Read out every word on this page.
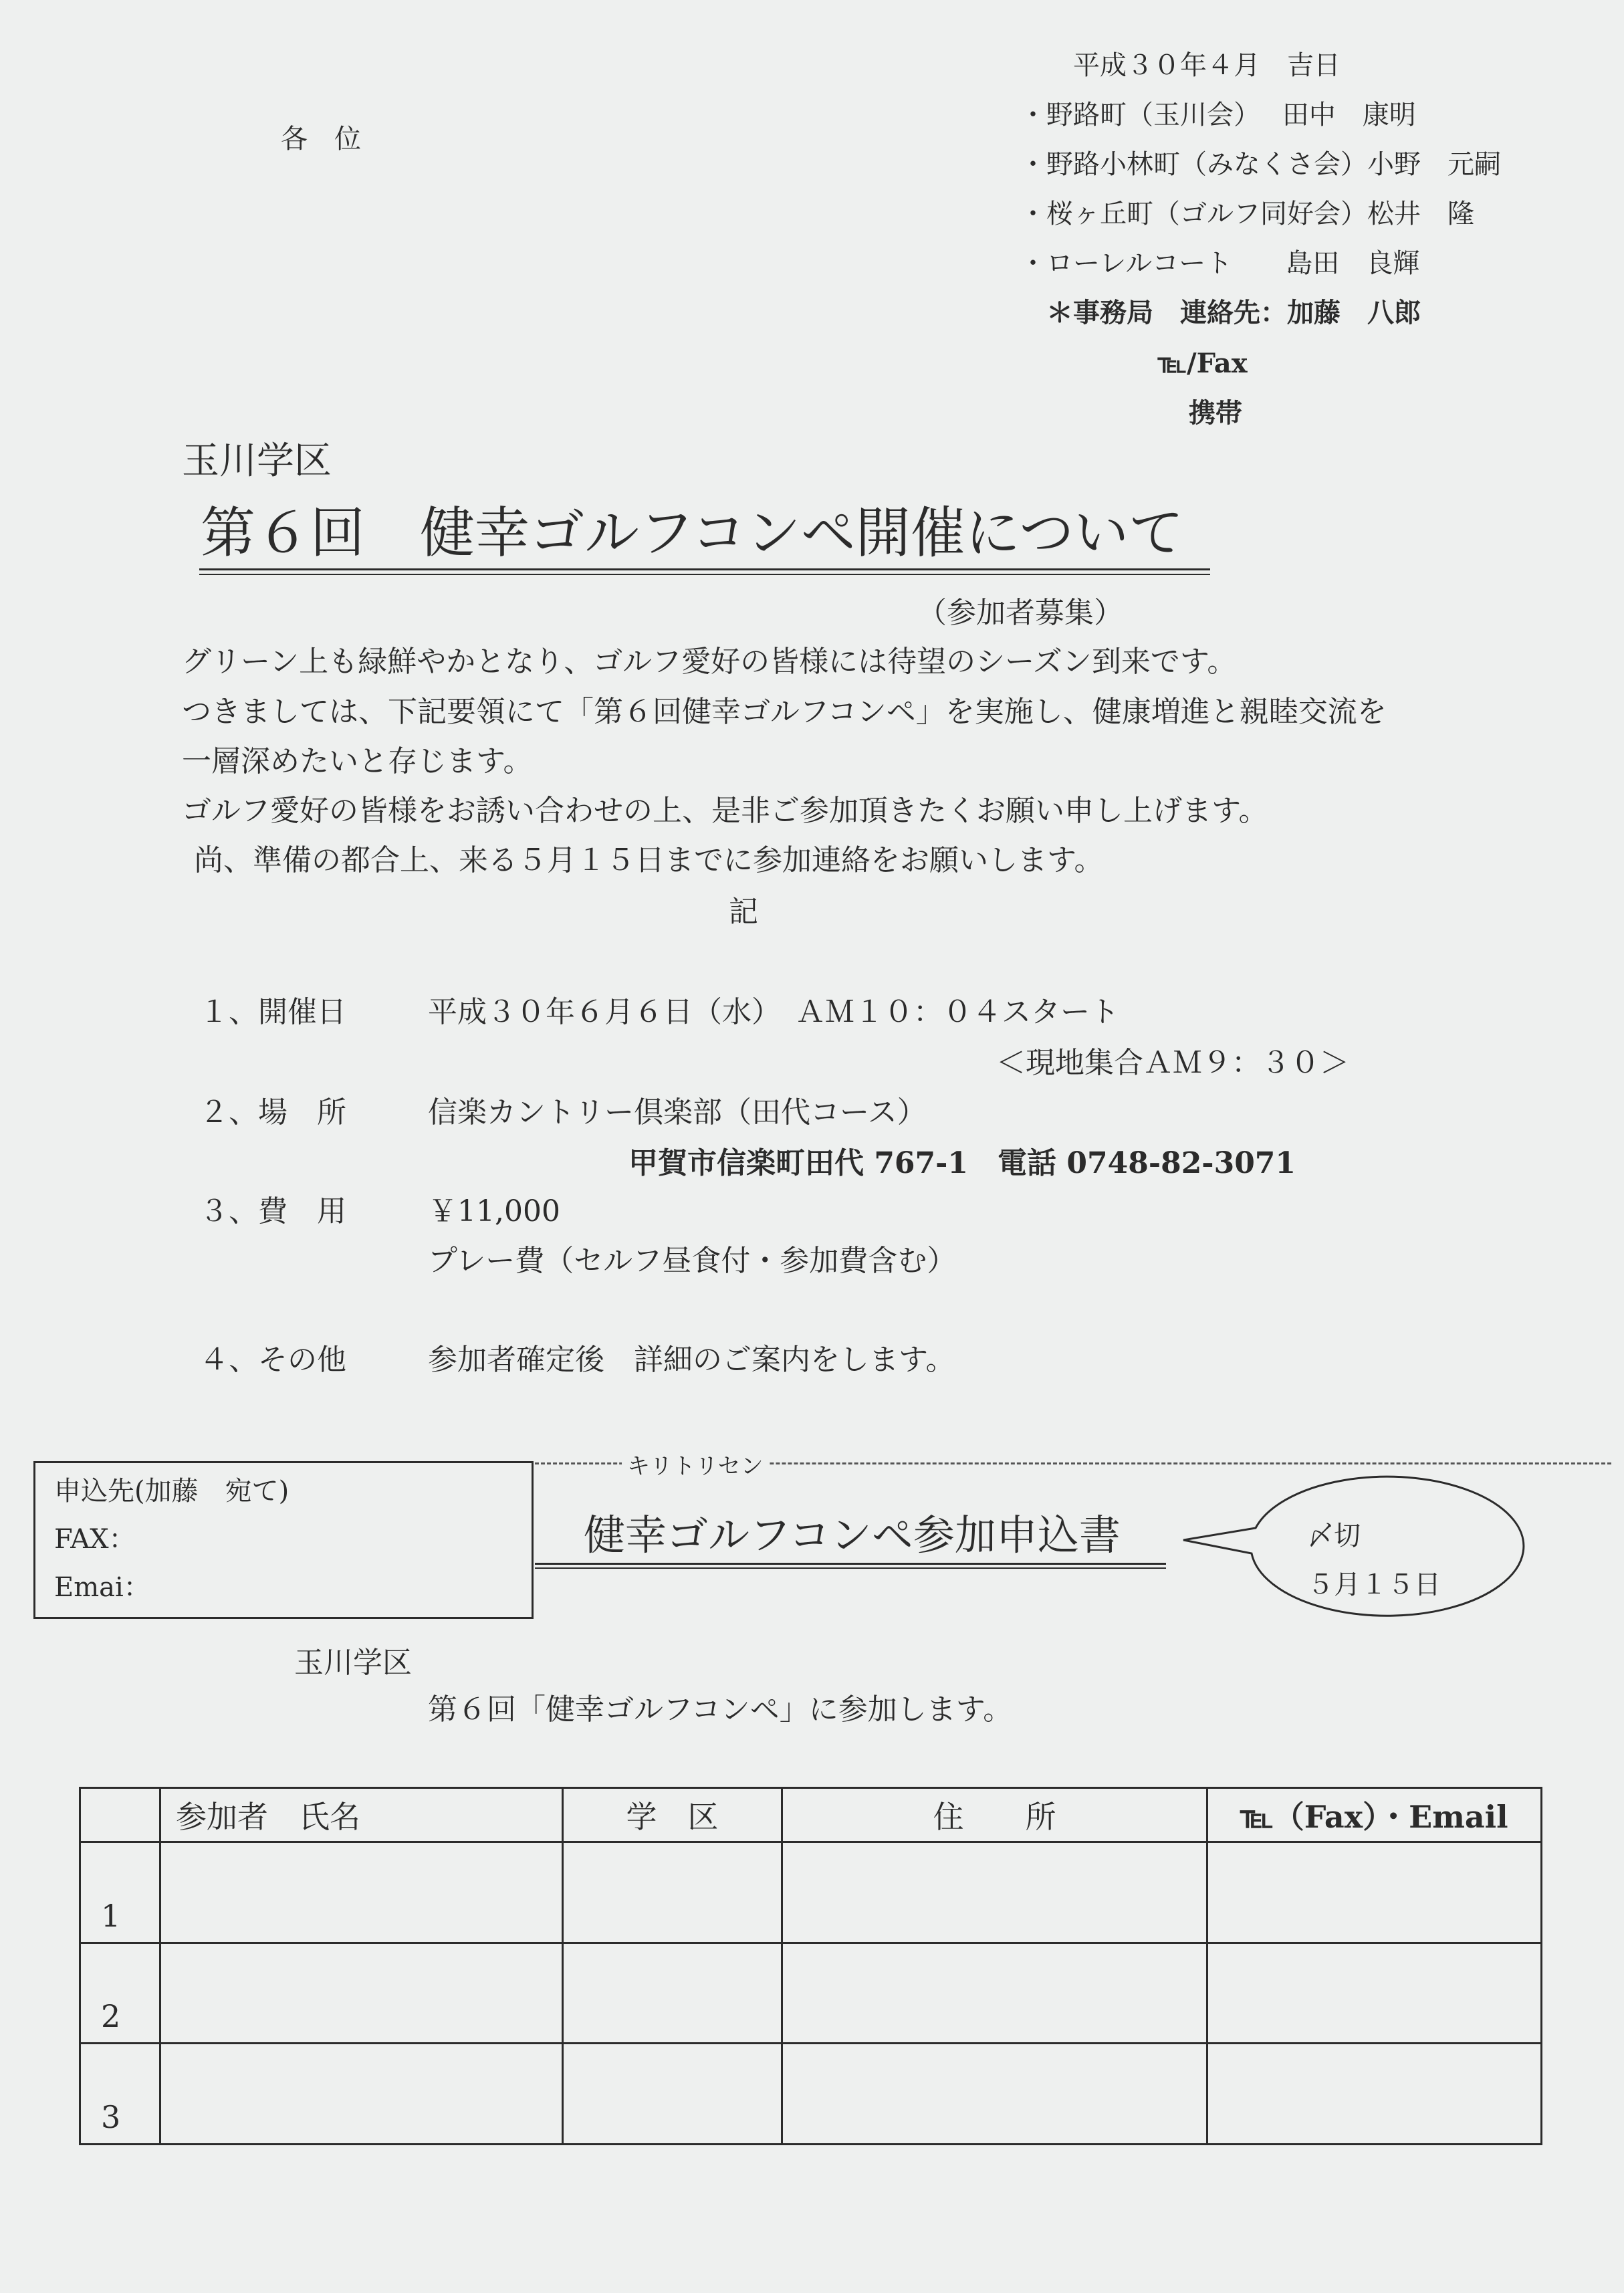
各　位
平成３０年４月　吉日
・野路町（玉川会）　 田中　康明
・野路小林町（みなくさ会）小野　元嗣
・桜ヶ丘町（ゴルフ同好会）松井　隆
・ローレルコート　　島田　良輝
＊事務局　連絡先：加藤　八郎
℡/Fax
携帯
玉川学区
第６回　健幸ゴルフコンペ開催について
（参加者募集）
グリーン上も緑鮮やかとなり、ゴルフ愛好の皆様には待望のシーズン到来です。
つきましては、下記要領にて「第６回健幸ゴルフコンペ」を実施し、健康増進と親睦交流を
一層深めたいと存じます。
ゴルフ愛好の皆様をお誘い合わせの上、是非ご参加頂きたくお願い申し上げます。
尚、準備の都合上、来る５月１５日までに参加連絡をお願いします。
記
１、開催日	平成３０年６月６日（水）　ＡＭ１０：０４スタート
＜現地集合ＡＭ９：３０＞
２、場　所	信楽カントリー倶楽部（田代コース）
甲賀市信楽町田代 767-1　電話 0748-82-3071
３、費　用	￥11,000
プレー費（セルフ昼食付・参加費含む）
４、その他	参加者確定後　詳細のご案内をします。
キリトリセン
申込先(加藤　宛て)
FAX：
Emai：
健幸ゴルフコンペ参加申込書	〆切
５月１５日
玉川学区
第６回「健幸ゴルフコンペ」に参加します。
	参加者　氏名	学　区	住　　所	℡（Fax）・Email
1				
2				
3				
